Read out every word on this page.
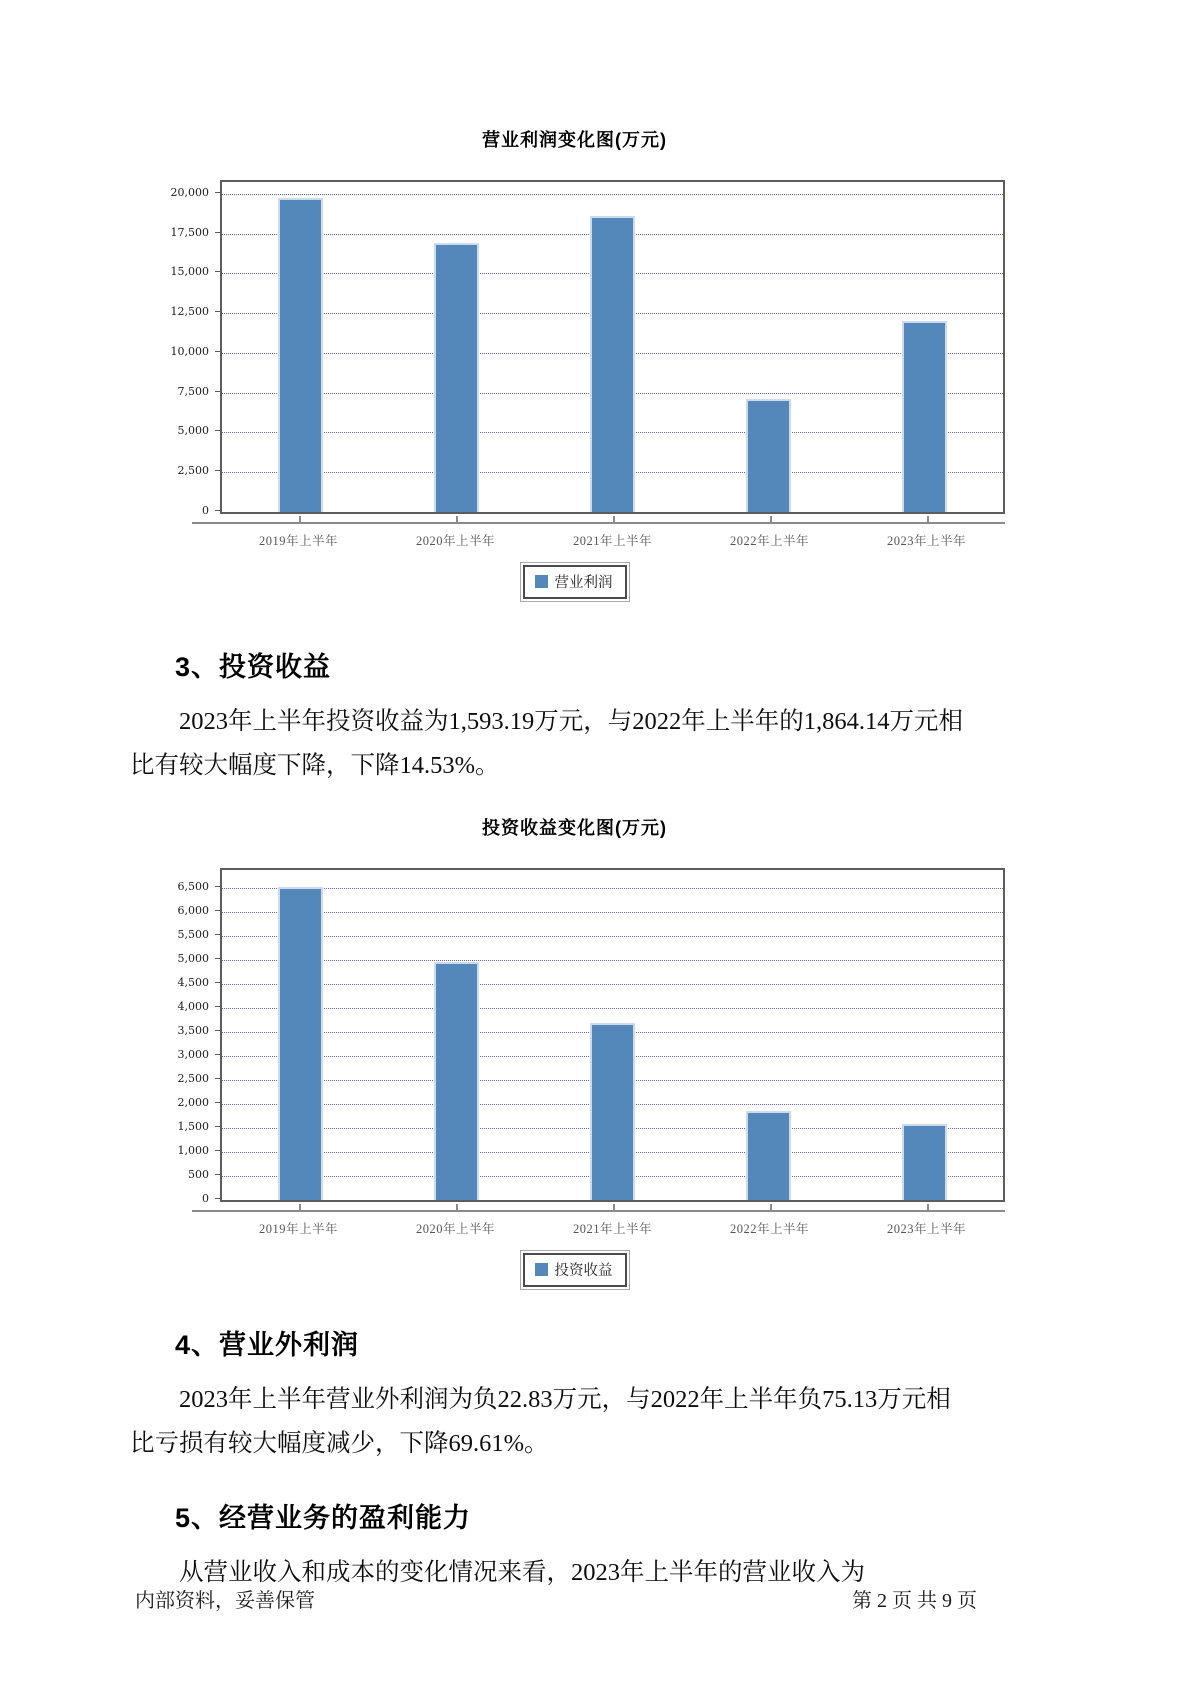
营业利润变化图(万元)
0
2,500
5,000
7,500
10,000
12,500
15,000
17,500
20,000
2019年上半年	2020年上半年	2021年上半年	2022年上半年	2023年上半年
营业利润
3、投资收益

2023年上半年投资收益为1,593.19万元，与2022年上半年的1,864.14万元相比有较大幅度下降，下降14.53%。

投资收益变化图(万元)
0
500
1,000
1,500
2,000
2,500
3,000
3,500
4,000
4,500
5,000
5,500
6,000
6,500
2019年上半年	2020年上半年	2021年上半年	2022年上半年	2023年上半年
投资收益
4、营业外利润

2023年上半年营业外利润为负22.83万元，与2022年上半年负75.13万元相比亏损有较大幅度减少，下降69.61%。

5、经营业务的盈利能力

从营业收入和成本的变化情况来看，2023年上半年的营业收入为

内部资料，妥善保管	第 2 页 共 9 页
